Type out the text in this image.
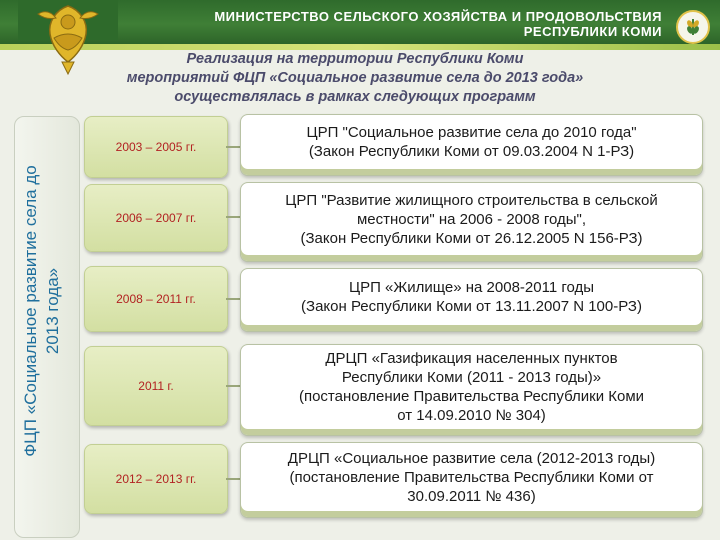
МИНИСТЕРСТВО СЕЛЬСКОГО ХОЗЯЙСТВА И ПРОДОВОЛЬСТВИЯ
РЕСПУБЛИКИ КОМИ
Реализация на территории Республики Коми
мероприятий ФЦП «Социальное развитие села до 2013 года»
осуществлялась в рамках следующих программ
ФЦП «Социальное развитие села до 2013 года»
2003 – 2005 гг.
ЦРП "Социальное развитие села до 2010 года"
(Закон Республики Коми от 09.03.2004 N 1-РЗ)
2006 – 2007 гг.
ЦРП "Развитие жилищного строительства в сельской местности" на 2006 - 2008 годы",
(Закон Республики Коми от 26.12.2005 N 156-РЗ)
2008 – 2011 гг.
ЦРП «Жилище» на 2008-2011 годы
(Закон Республики Коми от 13.11.2007 N 100-РЗ)
2011 г.
ДРЦП «Газификация населенных пунктов
Республики Коми (2011 - 2013 годы)»
(постановление Правительства Республики Коми
от 14.09.2010 № 304)
2012 – 2013 гг.
ДРЦП «Социальное развитие села (2012-2013 годы)
(постановление Правительства Республики Коми от
30.09.2011 № 436)
